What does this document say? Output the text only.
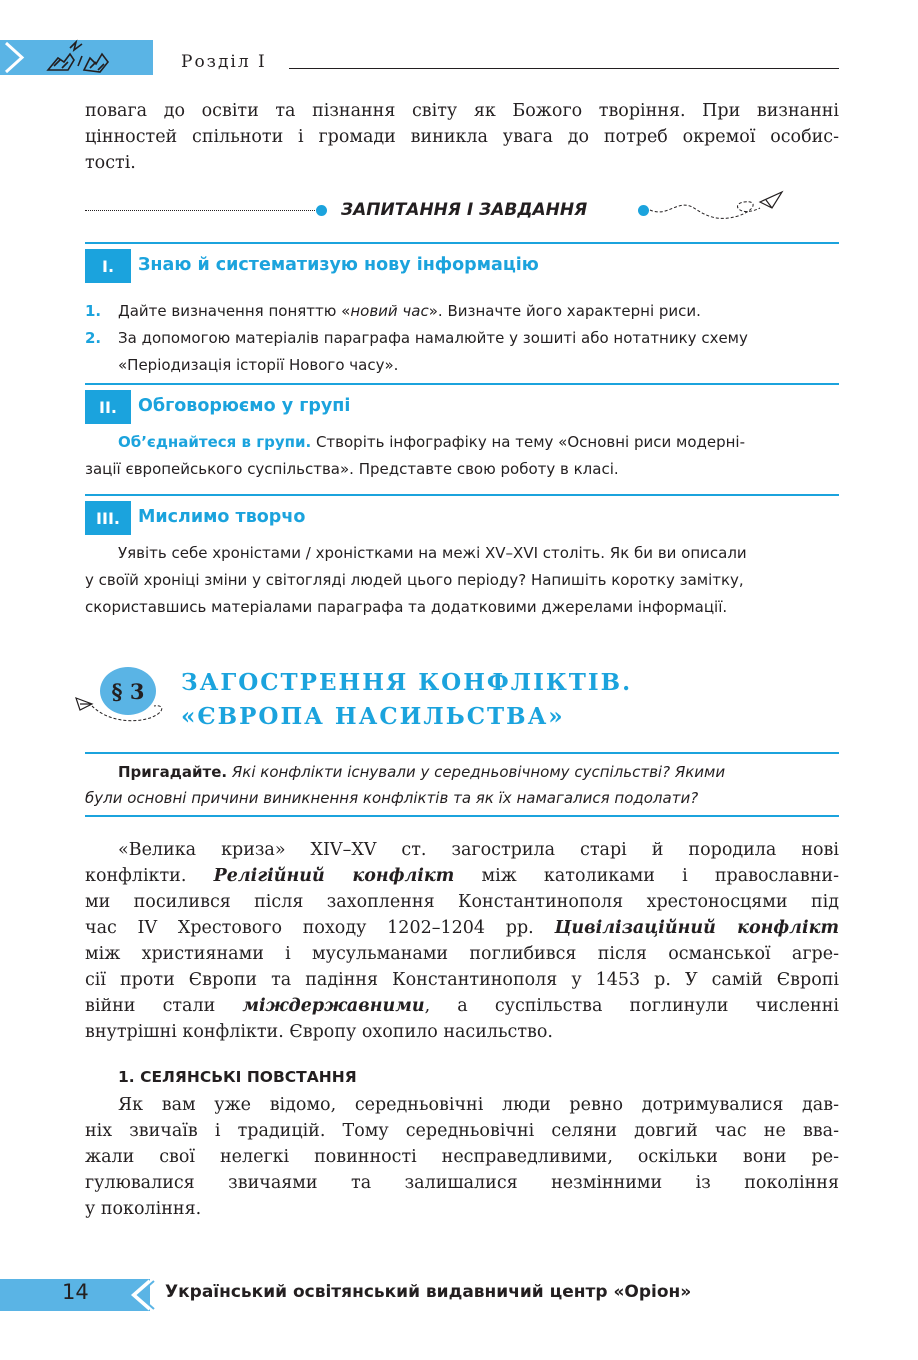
Розділ I
повага до освіти та пізнання світу як Божого творіння. При визнанні
цінностей спільноти і громади виникла увага до потреб окремої особис-
тості.
ЗАПИТАННЯ І ЗАВДАННЯ
I.	Знаю й систематизую нову інформацію
1. Дайте визначення поняттю «новий час». Визначте його характерні риси.
2. За допомогою матеріалів параграфа намалюйте у зошиті або нотатнику схему
«Періодизація історії Нового часу».
II.	Обговорюємо у групі
Об’єднайтеся в групи. Створіть інфографіку на тему «Основні риси модерні-
зації європейського суспільства». Представте свою роботу в класі.
III.	Мислимо творчо
Уявіть себе хроністами / хроністками на межі XV–XVI століть. Як би ви описали
у своїй хроніці зміни у світогляді людей цього періоду? Напишіть коротку замітку,
скориставшись матеріалами параграфа та додатковими джерелами інформації.
§ 3	ЗАГОСТРЕННЯ КОНФЛІКТІВ.
«ЄВРОПА НАСИЛЬСТВА»
Пригадайте. Які конфлікти існували у середньовічному суспільстві? Якими
були основні причини виникнення конфліктів та як їх намагалися подолати?
«Велика криза» XIV–XV ст. загострила старі й породила нові
конфлікти. Релігійний конфлікт між католиками і православни-
ми посилився після захоплення Константинополя хрестоносцями під
час IV Хрестового походу 1202–1204 рр. Цивілізаційний конфлікт
між християнами і мусульманами поглибився після османської агре-
сії проти Європи та падіння Константинополя у 1453 р. У самій Європі
війни стали міждержавними, а суспільства поглинули численні
внутрішні конфлікти. Європу охопило насильство.
1. СЕЛЯНСЬКІ ПОВСТАННЯ
Як вам уже відомо, середньовічні люди ревно дотримувалися дав-
ніх звичаїв і традицій. Тому середньовічні селяни довгий час не вва-
жали свої нелегкі повинності несправедливими, оскільки вони ре-
гулювалися звичаями та залишалися незмінними із покоління
у покоління.
14	Український освітянський видавничий центр «Оріон»
